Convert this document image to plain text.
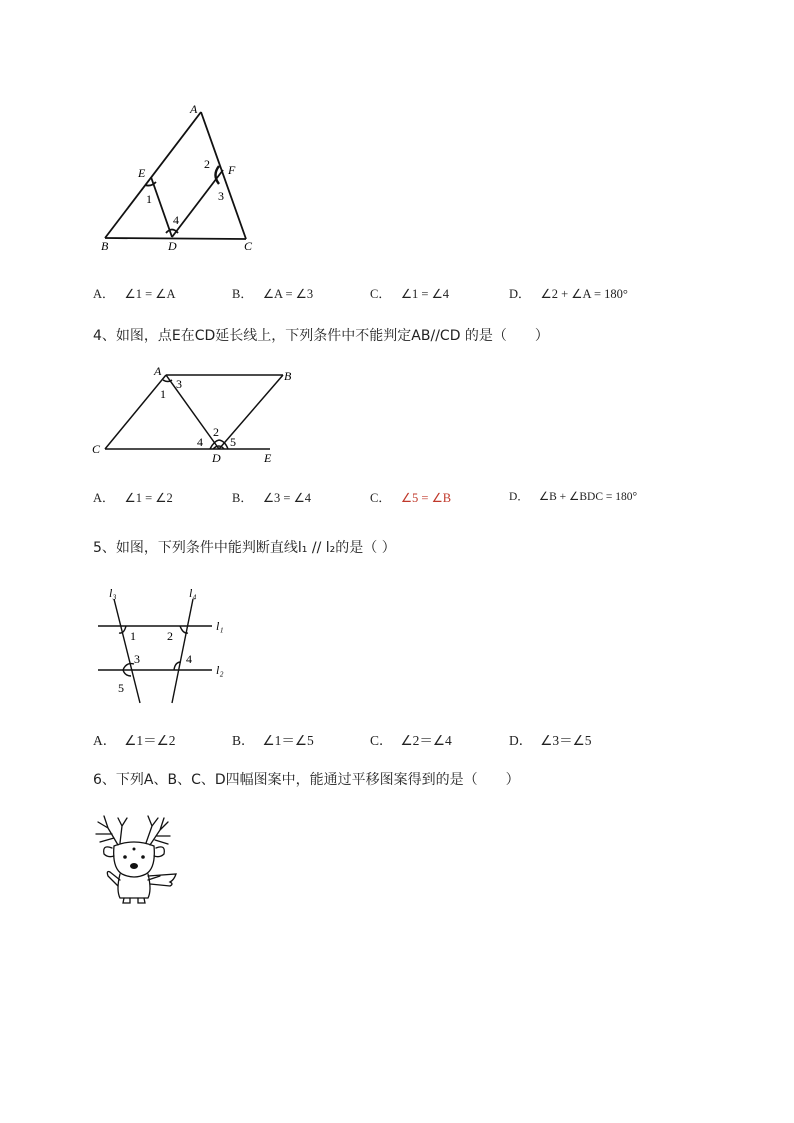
A
E	F
B	D	C
1
2
3
4
A． ∠1 = ∠A	B． ∠A = ∠3	C． ∠1 = ∠4	D． ∠2 + ∠A = 180°
4、如图，点E在CD延长线上，下列条件中不能判定AB//CD 的是（　　）
A	B
C
D	E
1
3
2
4 5
A． ∠1 = ∠2	B． ∠3 = ∠4	C． ∠5 = ∠B	D． ∠B + ∠BDC = 180°
5、如图，下列条件中能判断直线l₁ // l₂的是（ ）
l₃	l₄
l₁
l₂
1	2
3	4
5
A． ∠1＝∠2	B． ∠1＝∠5	C． ∠2＝∠4	D． ∠3＝∠5
6、下列A、B、C、D四幅图案中，能通过平移图案得到的是（　　）
